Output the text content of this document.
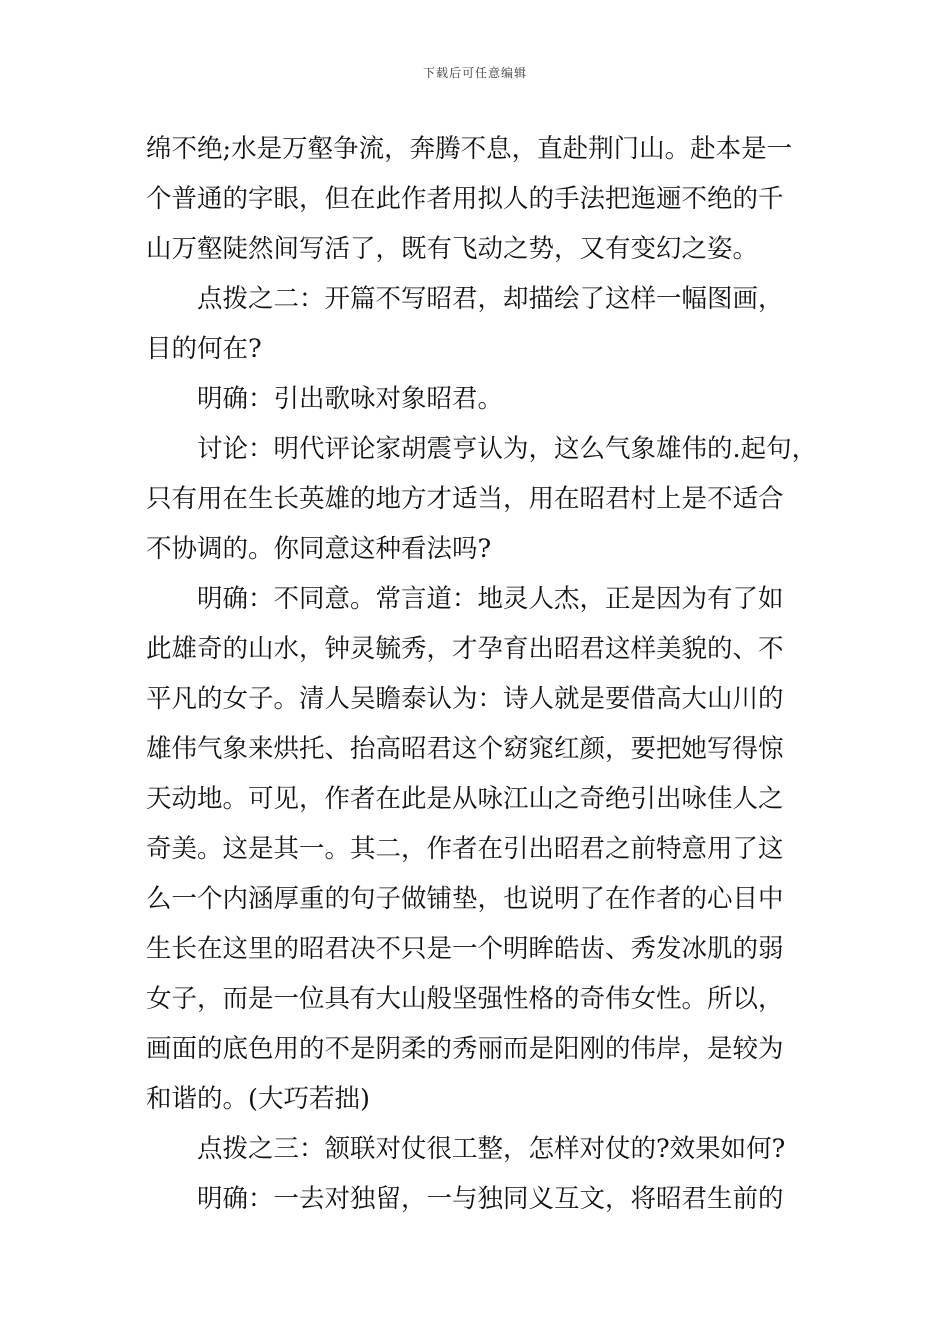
下载后可任意编辑
绵不绝;水是万壑争流，奔腾不息，直赴荆门山。赴本是一
个普通的字眼，但在此作者用拟人的手法把迤逦不绝的千
山万壑陡然间写活了，既有飞动之势，又有变幻之姿。
点拨之二：开篇不写昭君，却描绘了这样一幅图画，
目的何在?
明确：引出歌咏对象昭君。
讨论：明代评论家胡震亨认为，这么气象雄伟的.起句，
只有用在生长英雄的地方才适当，用在昭君村上是不适合
不协调的。你同意这种看法吗?
明确：不同意。常言道：地灵人杰，正是因为有了如
此雄奇的山水，钟灵毓秀，才孕育出昭君这样美貌的、不
平凡的女子。清人吴瞻泰认为：诗人就是要借高大山川的
雄伟气象来烘托、抬高昭君这个窈窕红颜，要把她写得惊
天动地。可见，作者在此是从咏江山之奇绝引出咏佳人之
奇美。这是其一。其二，作者在引出昭君之前特意用了这
么一个内涵厚重的句子做铺垫，也说明了在作者的心目中
生长在这里的昭君决不只是一个明眸皓齿、秀发冰肌的弱
女子，而是一位具有大山般坚强性格的奇伟女性。所以，
画面的底色用的不是阴柔的秀丽而是阳刚的伟岸，是较为
和谐的。(大巧若拙)
点拨之三：颔联对仗很工整，怎样对仗的?效果如何?
明确：一去对独留，一与独同义互文，将昭君生前的
